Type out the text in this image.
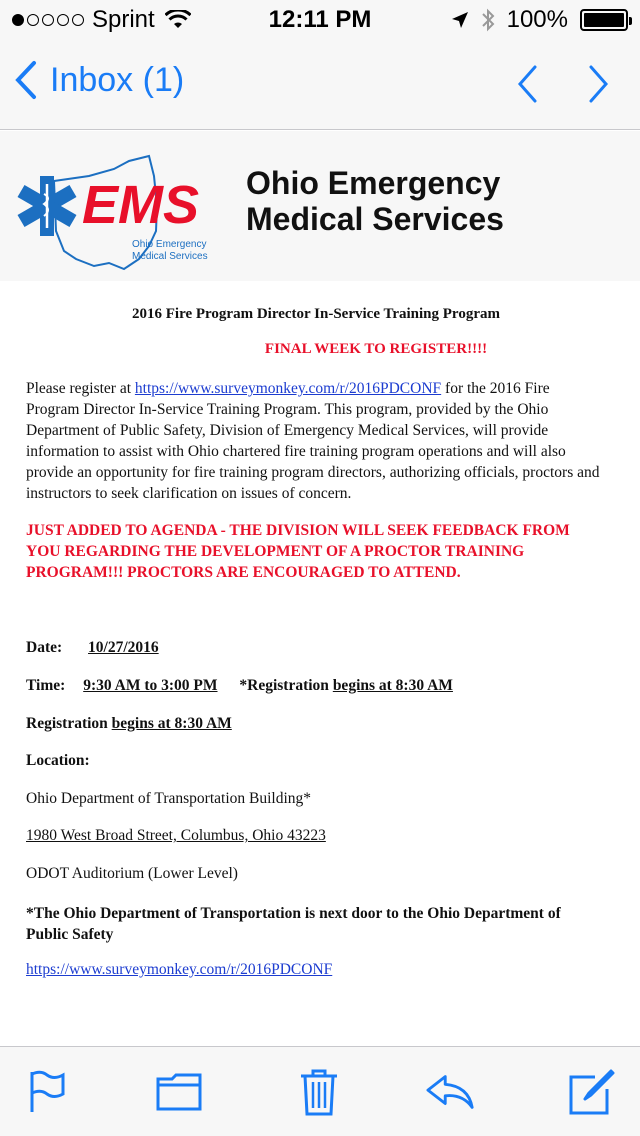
Sprint	12:11 PM	100%
Inbox (1)
EMS
Ohio Emergency
Medical Services
Ohio Emergency
Medical Services
2016 Fire Program Director In-Service Training Program
FINAL WEEK TO REGISTER!!!!
Please register at https://www.surveymonkey.com/r/2016PDCONF for the 2016 Fire Program Director In-Service Training Program. This program, provided by the Ohio Department of Public Safety, Division of Emergency Medical Services, will provide information to assist with Ohio chartered fire training program operations and will also provide an opportunity for fire training program directors, authorizing officials, proctors and instructors to seek clarification on issues of concern.
JUST ADDED TO AGENDA - THE DIVISION WILL SEEK FEEDBACK FROM YOU REGARDING THE DEVELOPMENT OF A PROCTOR TRAINING PROGRAM!!! PROCTORS ARE ENCOURAGED TO ATTEND.
Date: 10/27/2016
Time: 9:30 AM to 3:00 PM *Registration begins at 8:30 AM
Registration begins at 8:30 AM
Location:
Ohio Department of Transportation Building*
1980 West Broad Street, Columbus, Ohio 43223
ODOT Auditorium (Lower Level)
*The Ohio Department of Transportation is next door to the Ohio Department of Public Safety
https://www.surveymonkey.com/r/2016PDCONF
